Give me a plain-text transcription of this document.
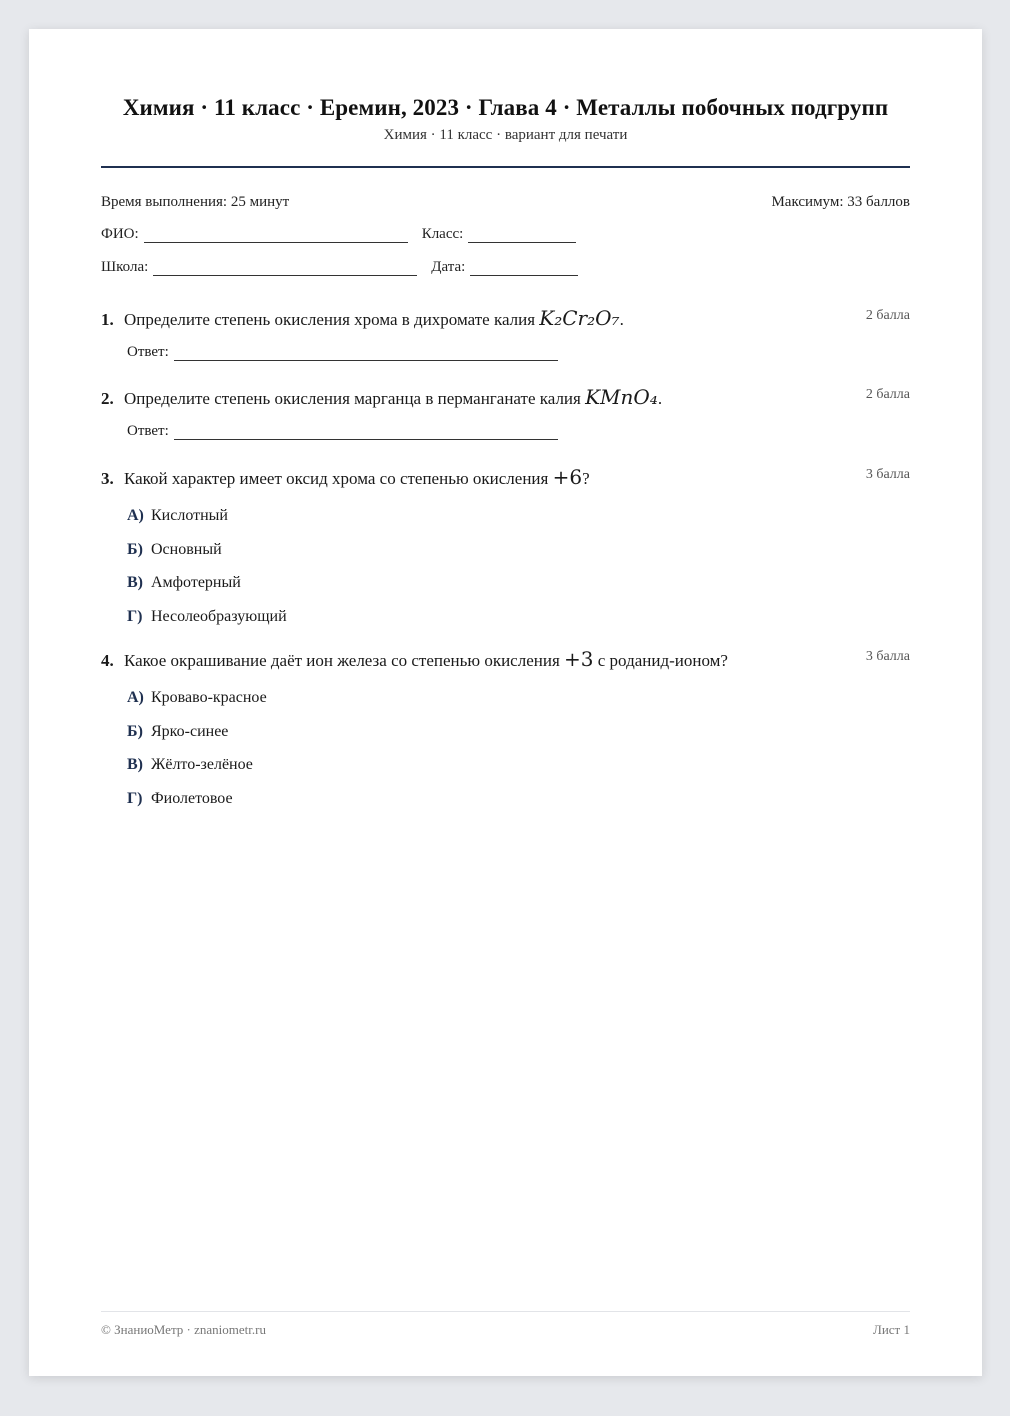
Химия · 11 класс · Еремин, 2023 · Глава 4 · Металлы побочных подгрупп
Химия · 11 класс · вариант для печати
Время выполнения: 25 минут	Максимум: 33 баллов
ФИО:	Класс:
Школа:	Дата:
1. Определите степень окисления хрома в дихромате калия K₂Cr₂O₇.	2 балла
Ответ:
2. Определите степень окисления марганца в перманганате калия KMnO₄.	2 балла
Ответ:
3. Какой характер имеет оксид хрома со степенью окисления +6?	3 балла
А) Кислотный
Б) Основный
В) Амфотерный
Г) Несолеобразующий
4. Какое окрашивание даёт ион железа со степенью окисления +3 с роданид-ионом?	3 балла
А) Кроваво-красное
Б) Ярко-синее
В) Жёлто-зелёное
Г) Фиолетовое
© ЗнаниоМетр · znaniometr.ru	Лист 1
